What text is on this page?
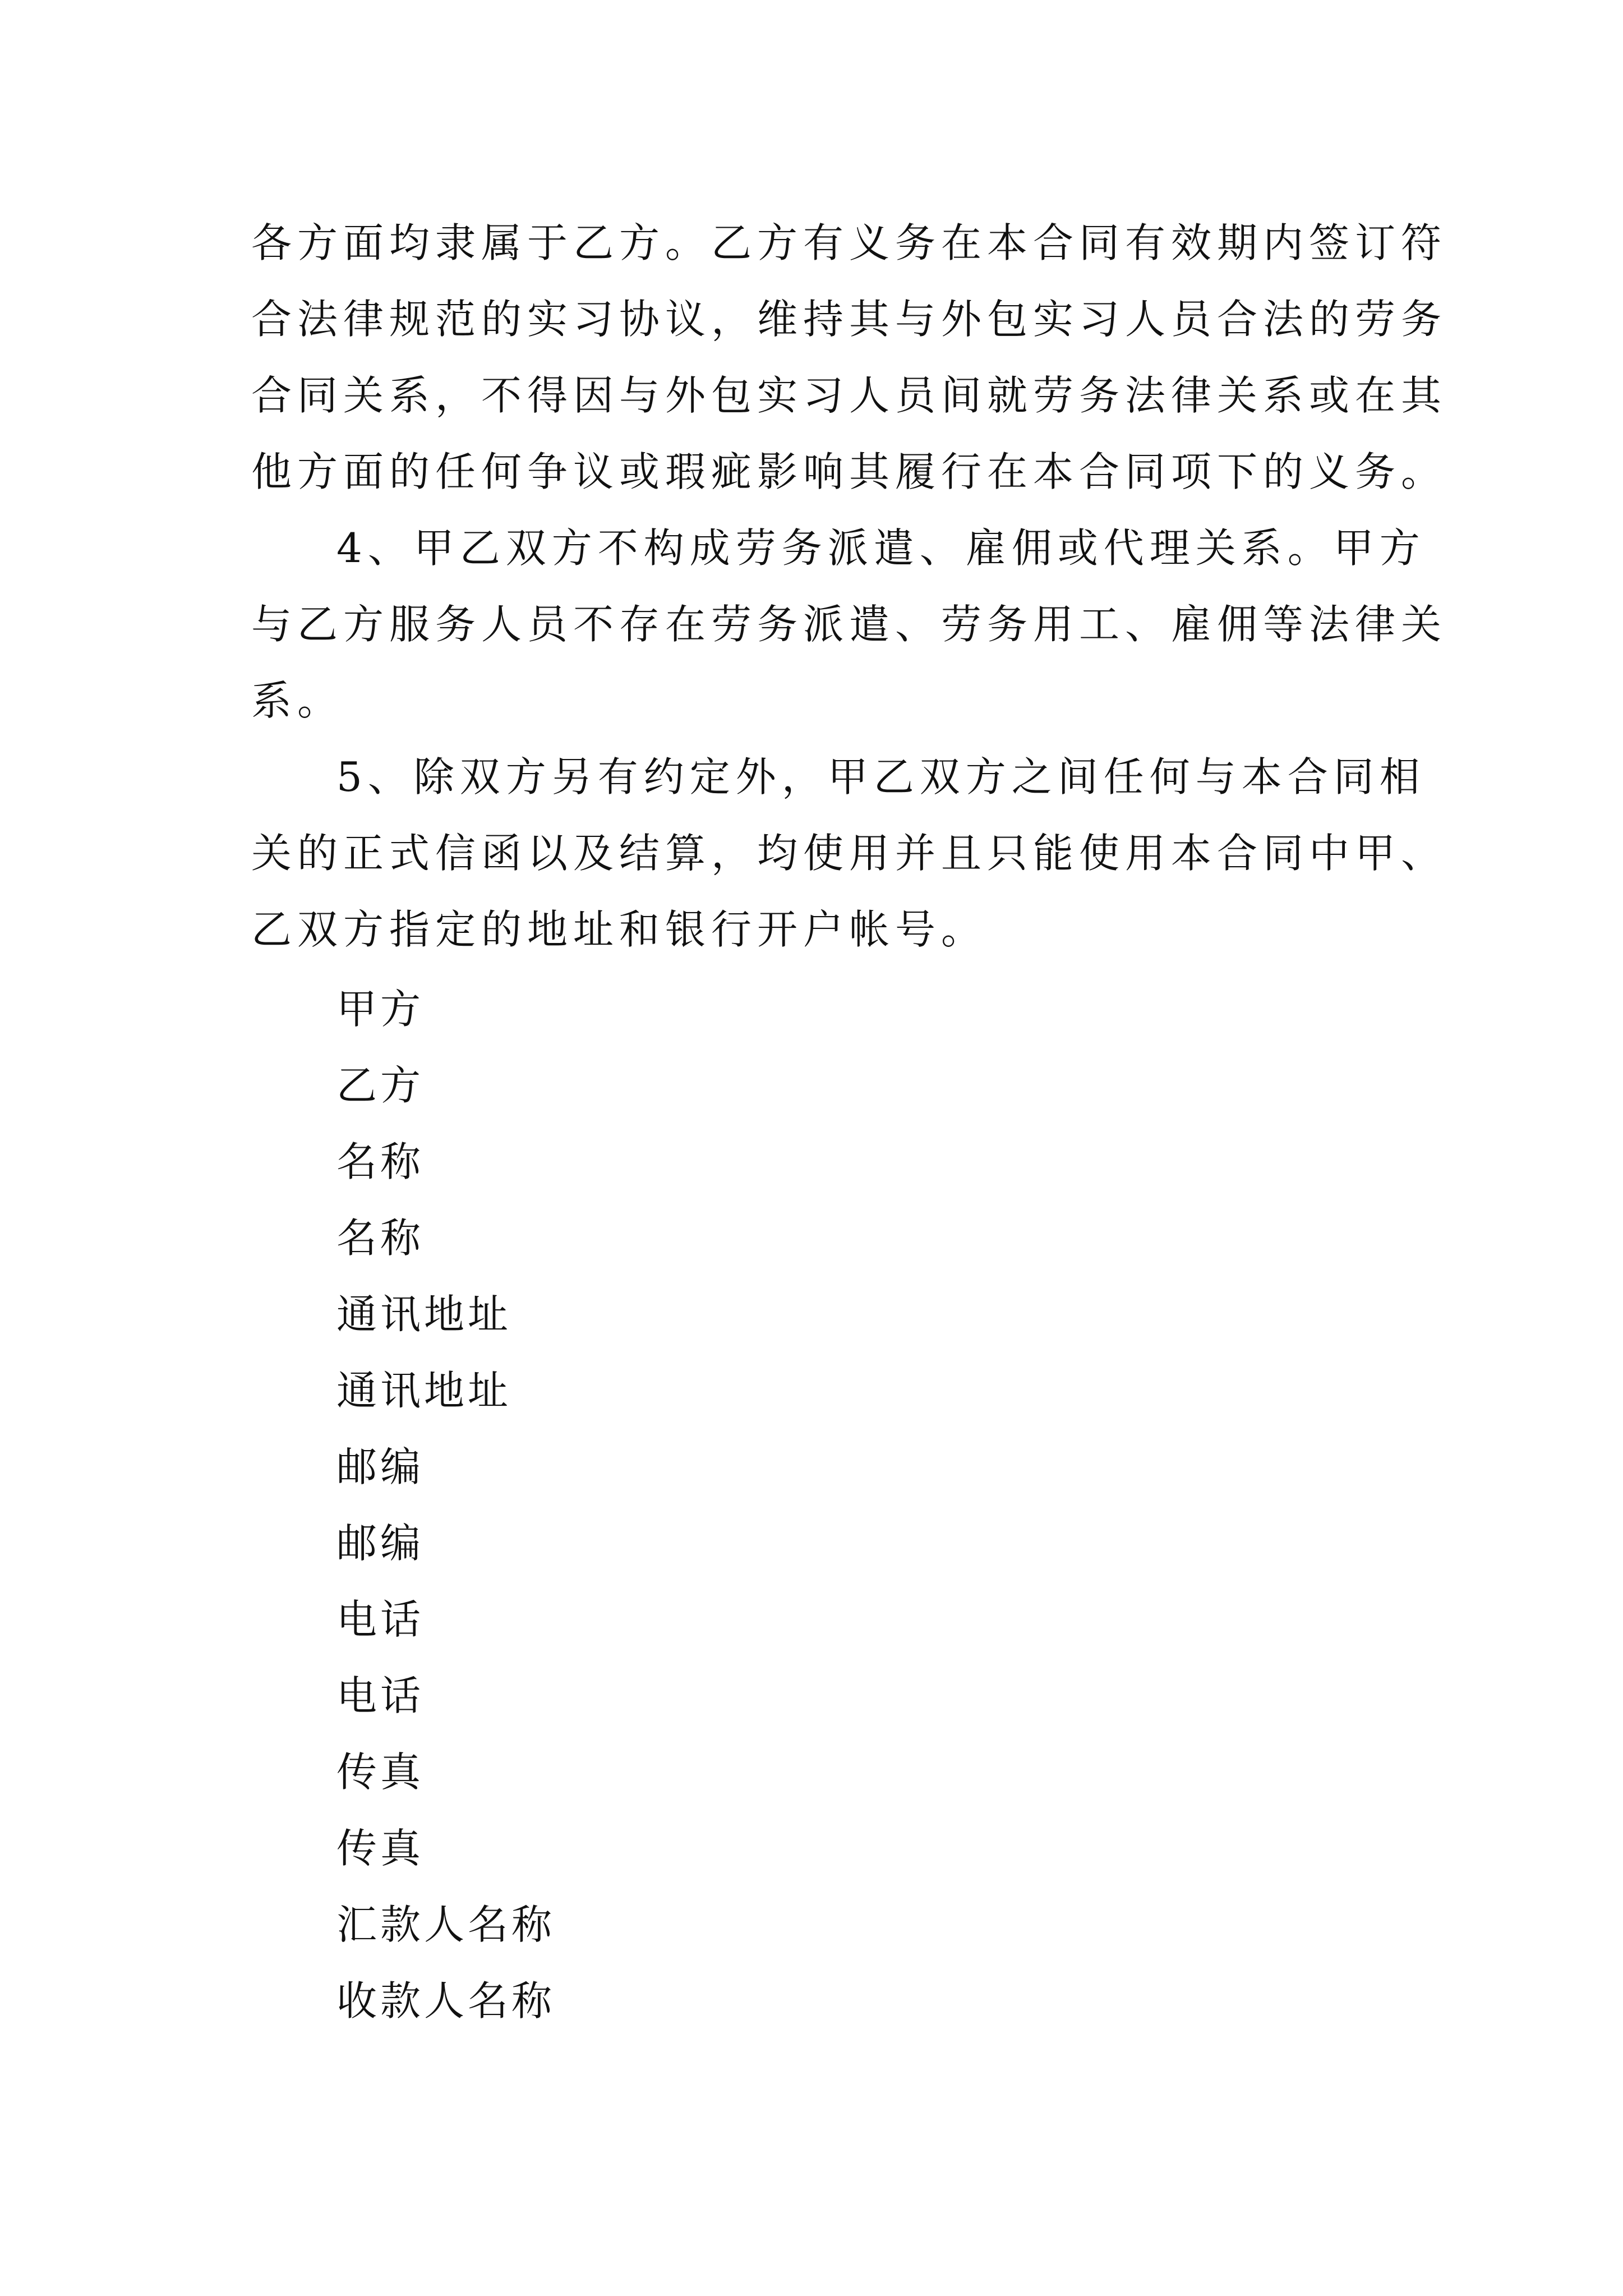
各方面均隶属于乙方。乙方有义务在本合同有效期内签订符
合法律规范的实习协议，维持其与外包实习人员合法的劳务
合同关系，不得因与外包实习人员间就劳务法律关系或在其
他方面的任何争议或瑕疵影响其履行在本合同项下的义务。
4、甲乙双方不构成劳务派遣、雇佣或代理关系。甲方
与乙方服务人员不存在劳务派遣、劳务用工、雇佣等法律关
系。
5、除双方另有约定外，甲乙双方之间任何与本合同相
关的正式信函以及结算，均使用并且只能使用本合同中甲、
乙双方指定的地址和银行开户帐号。
甲方
乙方
名称
名称
通讯地址
通讯地址
邮编
邮编
电话
电话
传真
传真
汇款人名称
收款人名称
